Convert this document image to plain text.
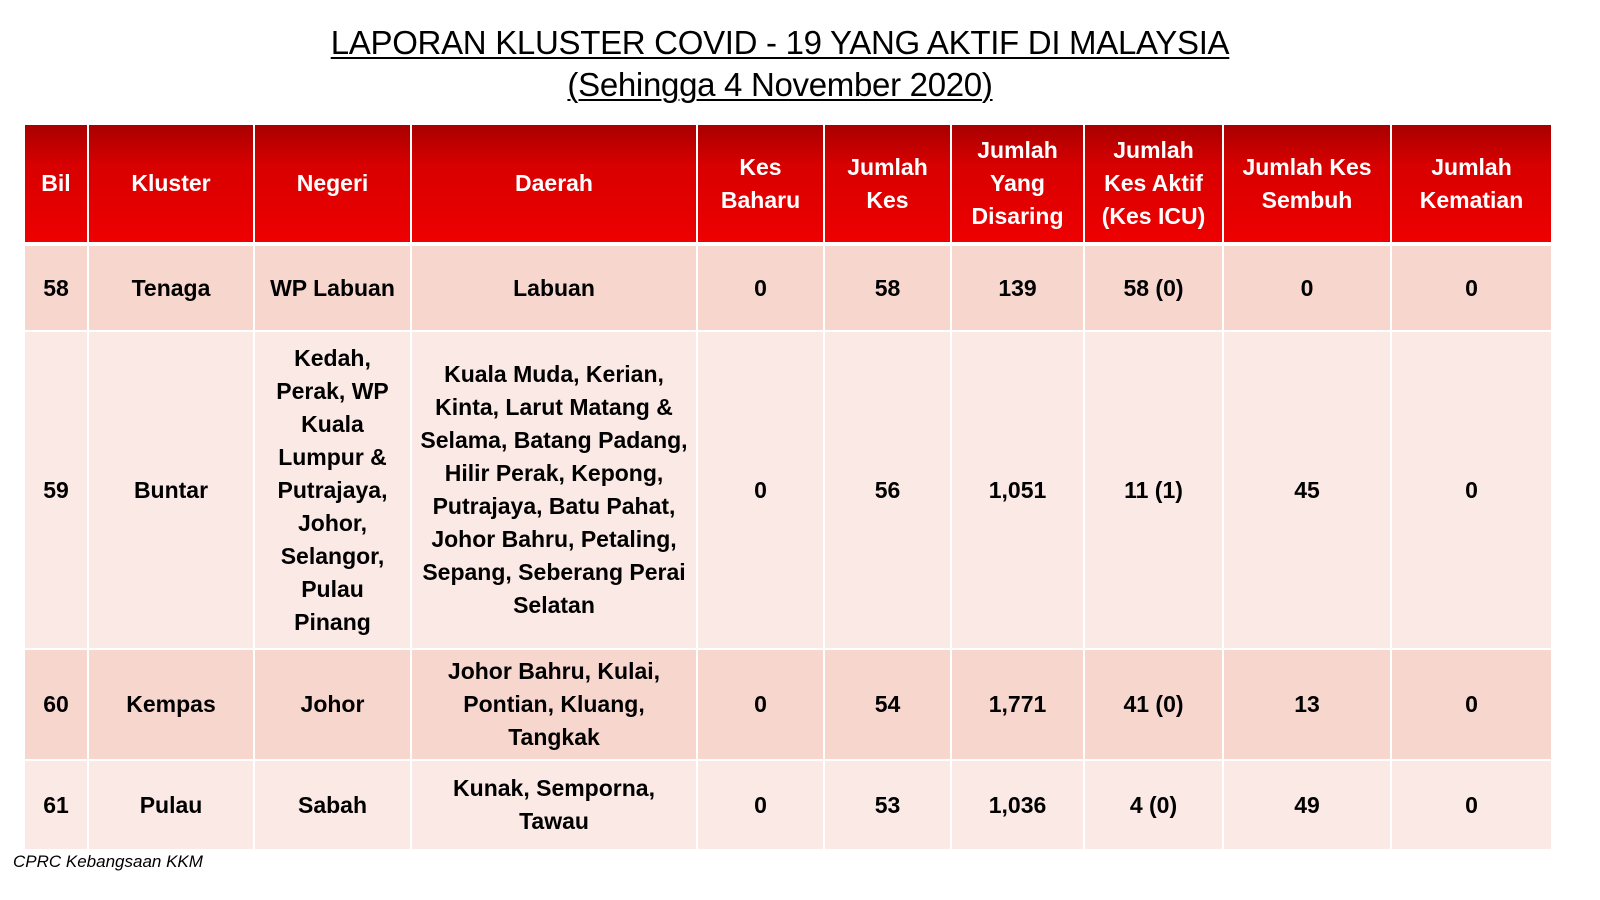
LAPORAN KLUSTER COVID - 19 YANG AKTIF DI MALAYSIA
(Sehingga 4 November 2020)
Bil	Kluster	Negeri	Daerah	Kes Baharu	Jumlah Kes	Jumlah Yang Disaring	Jumlah Kes Aktif (Kes ICU)	Jumlah Kes Sembuh	Jumlah Kematian
58	Tenaga	WP Labuan	Labuan	0	58	139	58 (0)	0	0
59	Buntar	Kedah, Perak, WP Kuala Lumpur & Putrajaya, Johor, Selangor, Pulau Pinang	Kuala Muda, Kerian, Kinta, Larut Matang & Selama, Batang Padang, Hilir Perak, Kepong, Putrajaya, Batu Pahat, Johor Bahru, Petaling, Sepang, Seberang Perai Selatan	0	56	1,051	11 (1)	45	0
60	Kempas	Johor	Johor Bahru, Kulai, Pontian, Kluang, Tangkak	0	54	1,771	41 (0)	13	0
61	Pulau	Sabah	Kunak, Semporna, Tawau	0	53	1,036	4 (0)	49	0
CPRC Kebangsaan KKM
